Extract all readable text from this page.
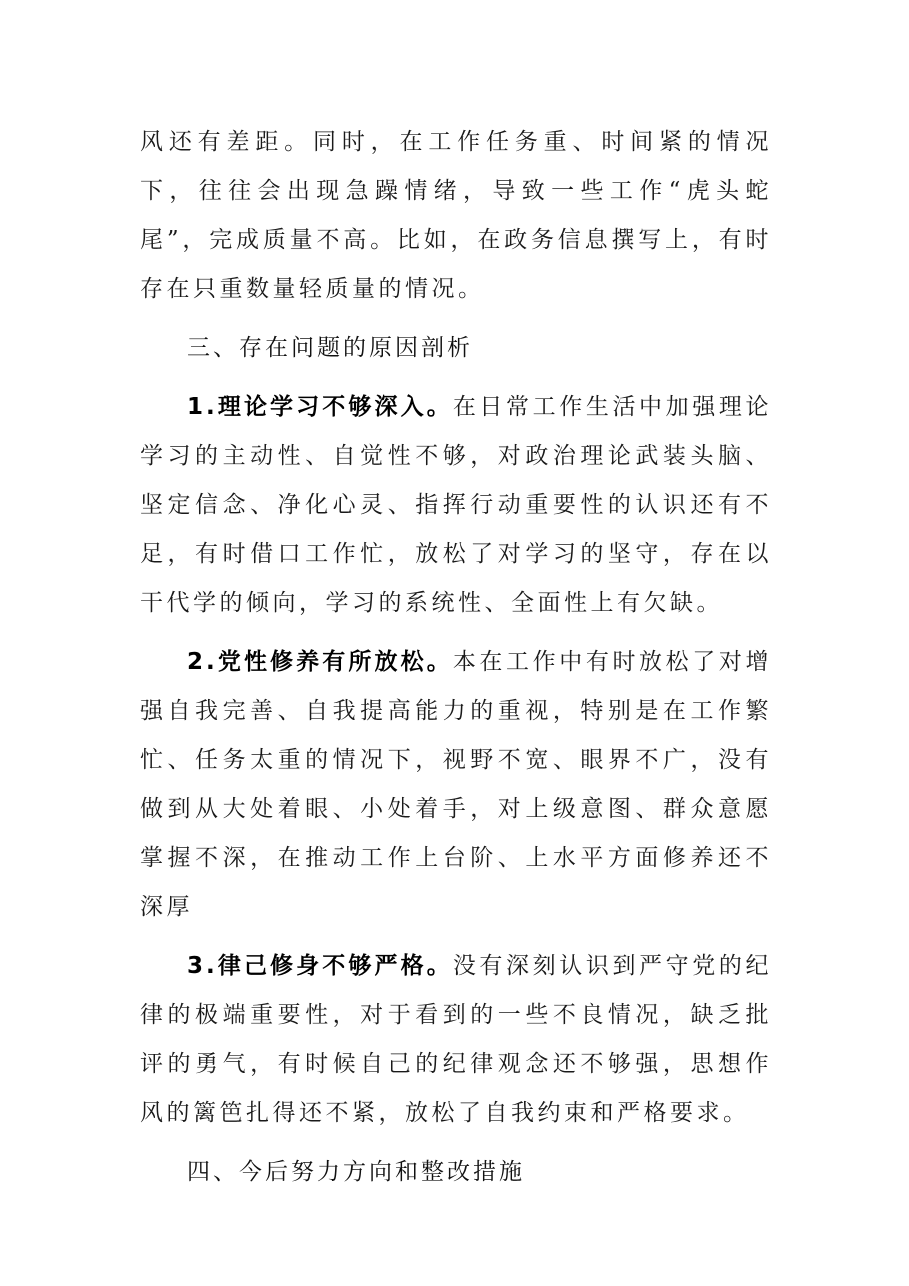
风还有差距。同时，在工作任务重、时间紧的情况下，往往会出现急躁情绪，导致一些工作“虎头蛇尾”，完成质量不高。比如，在政务信息撰写上，有时存在只重数量轻质量的情况。

三、存在问题的原因剖析

1.理论学习不够深入。在日常工作生活中加强理论学习的主动性、自觉性不够，对政治理论武装头脑、坚定信念、净化心灵、指挥行动重要性的认识还有不足，有时借口工作忙，放松了对学习的坚守，存在以干代学的倾向，学习的系统性、全面性上有欠缺。

2.党性修养有所放松。本在工作中有时放松了对增强自我完善、自我提高能力的重视，特别是在工作繁忙、任务太重的情况下，视野不宽、眼界不广，没有做到从大处着眼、小处着手，对上级意图、群众意愿掌握不深，在推动工作上台阶、上水平方面修养还不深厚

3.律己修身不够严格。没有深刻认识到严守党的纪律的极端重要性，对于看到的一些不良情况，缺乏批评的勇气，有时候自己的纪律观念还不够强，思想作风的篱笆扎得还不紧，放松了自我约束和严格要求。

四、今后努力方向和整改措施
